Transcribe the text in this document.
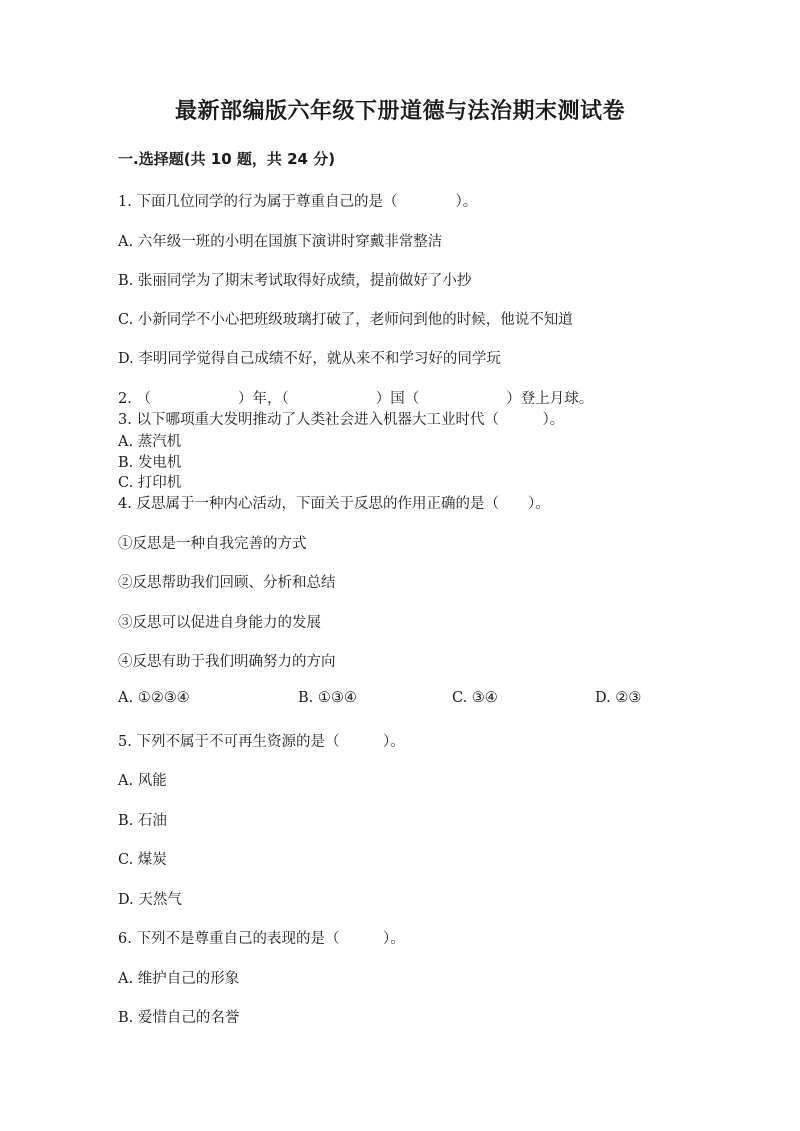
最新部编版六年级下册道德与法治期末测试卷
一.选择题(共 10 题，共 24 分)
1. 下面几位同学的行为属于尊重自己的是（　　　　）。
A. 六年级一班的小明在国旗下演讲时穿戴非常整洁
B. 张丽同学为了期末考试取得好成绩，提前做好了小抄
C. 小新同学不小心把班级玻璃打破了，老师问到他的时候，他说不知道
D. 李明同学觉得自己成绩不好，就从来不和学习好的同学玩
2. （　　　　　　）年，（　　　　　　）国（　　　　　　）登上月球。
3. 以下哪项重大发明推动了人类社会进入机器大工业时代（　　　）。
A. 蒸汽机
B. 发电机
C. 打印机
4. 反思属于一种内心活动，下面关于反思的作用正确的是（　　）。
①反思是一种自我完善的方式
②反思帮助我们回顾、分析和总结
③反思可以促进自身能力的发展
④反思有助于我们明确努力的方向
A. ①②③④	B. ①③④	C. ③④	D. ②③
5. 下列不属于不可再生资源的是（　　　）。
A. 风能
B. 石油
C. 煤炭
D. 天然气
6. 下列不是尊重自己的表现的是（　　　）。
A. 维护自己的形象
B. 爱惜自己的名誉
